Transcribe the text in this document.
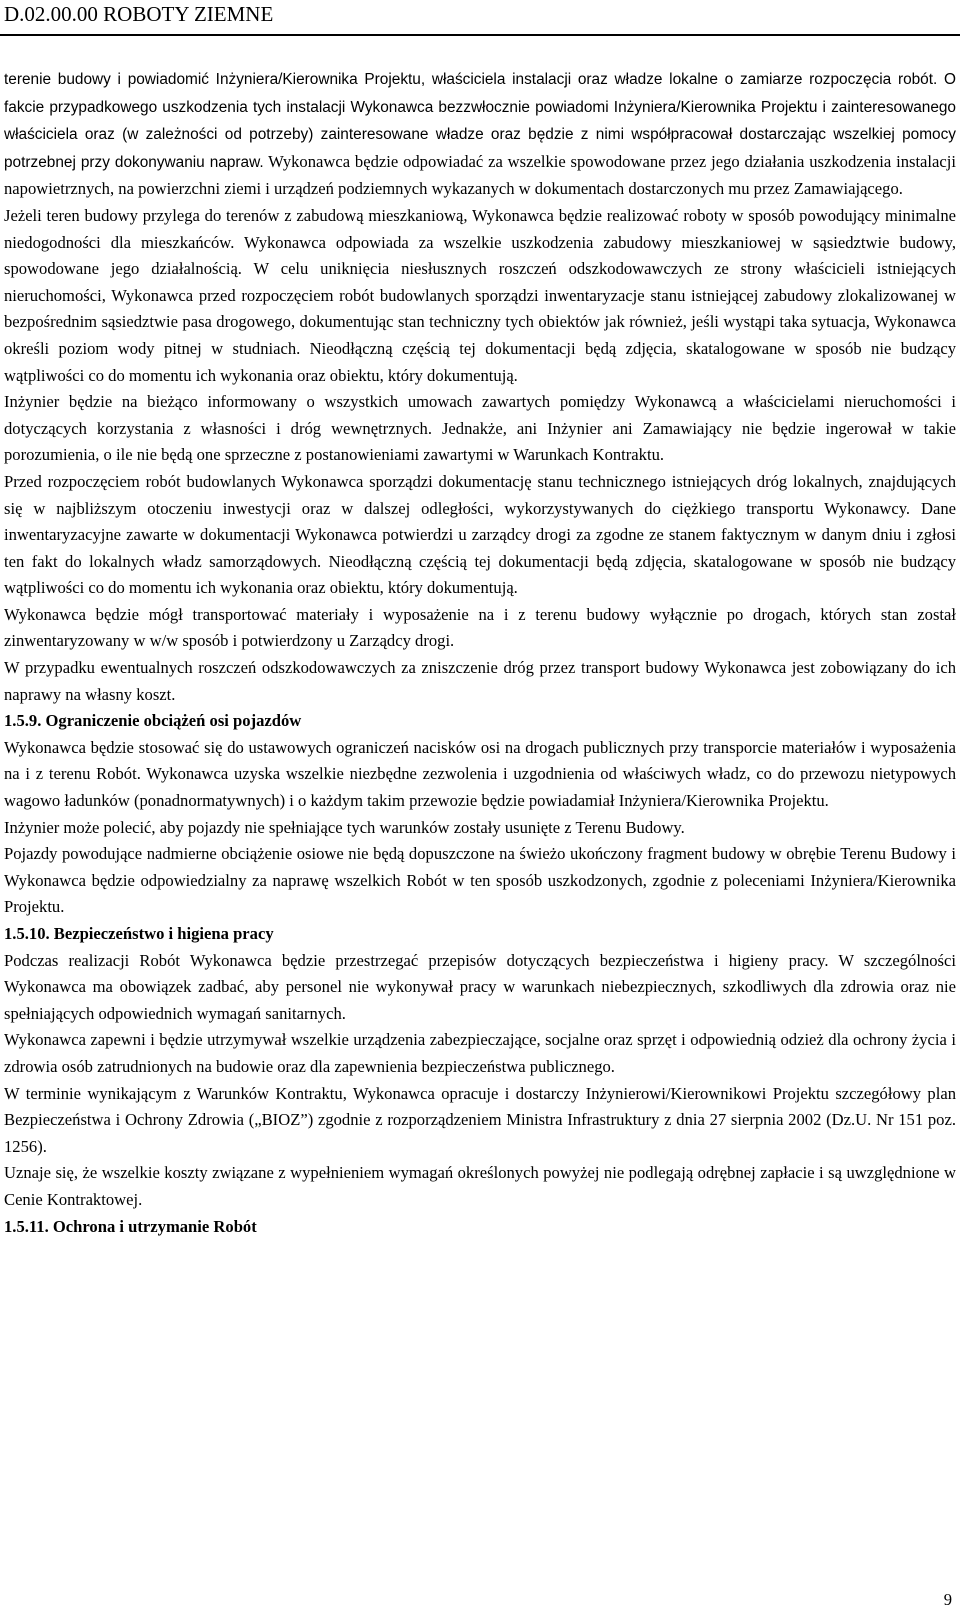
D.02.00.00 ROBOTY ZIEMNE

terenie budowy i powiadomić Inżyniera/Kierownika Projektu, właściciela instalacji oraz władze lokalne o zamiarze rozpoczęcia robót. O fakcie przypadkowego uszkodzenia tych instalacji Wykonawca bezzwłocznie powiadomi Inżyniera/Kierownika Projektu i zainteresowanego właściciela oraz (w zależności od potrzeby) zainteresowane władze oraz będzie z nimi współpracował dostarczając wszelkiej pomocy potrzebnej przy dokonywaniu napraw. Wykonawca będzie odpowiadać za wszelkie spowodowane przez jego działania uszkodzenia instalacji napowietrznych, na powierzchni ziemi i urządzeń podziemnych wykazanych w dokumentach dostarczonych mu przez Zamawiającego.

Jeżeli teren budowy przylega do terenów z zabudową mieszkaniową, Wykonawca będzie realizować roboty w sposób powodujący minimalne niedogodności dla mieszkańców. Wykonawca odpowiada za wszelkie uszkodzenia zabudowy mieszkaniowej w sąsiedztwie budowy, spowodowane jego działalnością. W celu uniknięcia niesłusznych roszczeń odszkodowawczych ze strony właścicieli istniejących nieruchomości, Wykonawca przed rozpoczęciem robót budowlanych sporządzi inwentaryzacje stanu istniejącej zabudowy zlokalizowanej w bezpośrednim sąsiedztwie pasa drogowego, dokumentując stan techniczny tych obiektów jak również, jeśli wystąpi taka sytuacja, Wykonawca określi poziom wody pitnej w studniach. Nieodłączną częścią tej dokumentacji będą zdjęcia, skatalogowane w sposób nie budzący wątpliwości co do momentu ich wykonania oraz obiektu, który dokumentują.

Inżynier będzie na bieżąco informowany o wszystkich umowach zawartych pomiędzy Wykonawcą a właścicielami nieruchomości i dotyczących korzystania z własności i dróg wewnętrznych. Jednakże, ani Inżynier ani Zamawiający nie będzie ingerował w takie porozumienia, o ile nie będą one sprzeczne z postanowieniami zawartymi w Warunkach Kontraktu.

Przed rozpoczęciem robót budowlanych Wykonawca sporządzi dokumentację stanu technicznego istniejących dróg lokalnych, znajdujących się w najbliższym otoczeniu inwestycji oraz w dalszej odległości, wykorzystywanych do ciężkiego transportu Wykonawcy. Dane inwentaryzacyjne zawarte w dokumentacji Wykonawca potwierdzi u zarządcy drogi za zgodne ze stanem faktycznym w danym dniu i zgłosi ten fakt do lokalnych władz samorządowych. Nieodłączną częścią tej dokumentacji będą zdjęcia, skatalogowane w sposób nie budzący wątpliwości co do momentu ich wykonania oraz obiektu, który dokumentują.

Wykonawca będzie mógł transportować materiały i wyposażenie na i z terenu budowy wyłącznie po drogach, których stan został zinwentaryzowany w w/w sposób i potwierdzony u Zarządcy drogi.

W przypadku ewentualnych roszczeń odszkodowawczych za zniszczenie dróg przez transport budowy Wykonawca jest zobowiązany do ich naprawy na własny koszt.

1.5.9. Ograniczenie obciążeń osi pojazdów

Wykonawca będzie stosować się do ustawowych ograniczeń nacisków osi na drogach publicznych przy transporcie materiałów i wyposażenia na i z terenu Robót. Wykonawca uzyska wszelkie niezbędne zezwolenia i uzgodnienia od właściwych władz, co do przewozu nietypowych wagowo ładunków (ponadnormatywnych) i o każdym takim przewozie będzie powiadamiał Inżyniera/Kierownika Projektu.

Inżynier może polecić, aby pojazdy nie spełniające tych warunków zostały usunięte z Terenu Budowy.

Pojazdy powodujące nadmierne obciążenie osiowe nie będą dopuszczone na świeżo ukończony fragment budowy w obrębie Terenu Budowy i Wykonawca będzie odpowiedzialny za naprawę wszelkich Robót w ten sposób uszkodzonych, zgodnie z poleceniami Inżyniera/Kierownika Projektu.

1.5.10. Bezpieczeństwo i higiena pracy

Podczas realizacji Robót Wykonawca będzie przestrzegać przepisów dotyczących bezpieczeństwa i higieny pracy. W szczególności Wykonawca ma obowiązek zadbać, aby personel nie wykonywał pracy w warunkach niebezpiecznych, szkodliwych dla zdrowia oraz nie spełniających odpowiednich wymagań sanitarnych.

Wykonawca zapewni i będzie utrzymywał wszelkie urządzenia zabezpieczające, socjalne oraz sprzęt i odpowiednią odzież dla ochrony życia i zdrowia osób zatrudnionych na budowie oraz dla zapewnienia bezpieczeństwa publicznego.

W terminie wynikającym z Warunków Kontraktu, Wykonawca opracuje i dostarczy Inżynierowi/Kierownikowi Projektu szczegółowy plan Bezpieczeństwa i Ochrony Zdrowia („BIOZ”) zgodnie z rozporządzeniem Ministra Infrastruktury z dnia 27 sierpnia 2002 (Dz.U. Nr 151 poz. 1256).

Uznaje się, że wszelkie koszty związane z wypełnieniem wymagań określonych powyżej nie podlegają odrębnej zapłacie i są uwzględnione w Cenie Kontraktowej.

1.5.11. Ochrona i utrzymanie Robót

9
